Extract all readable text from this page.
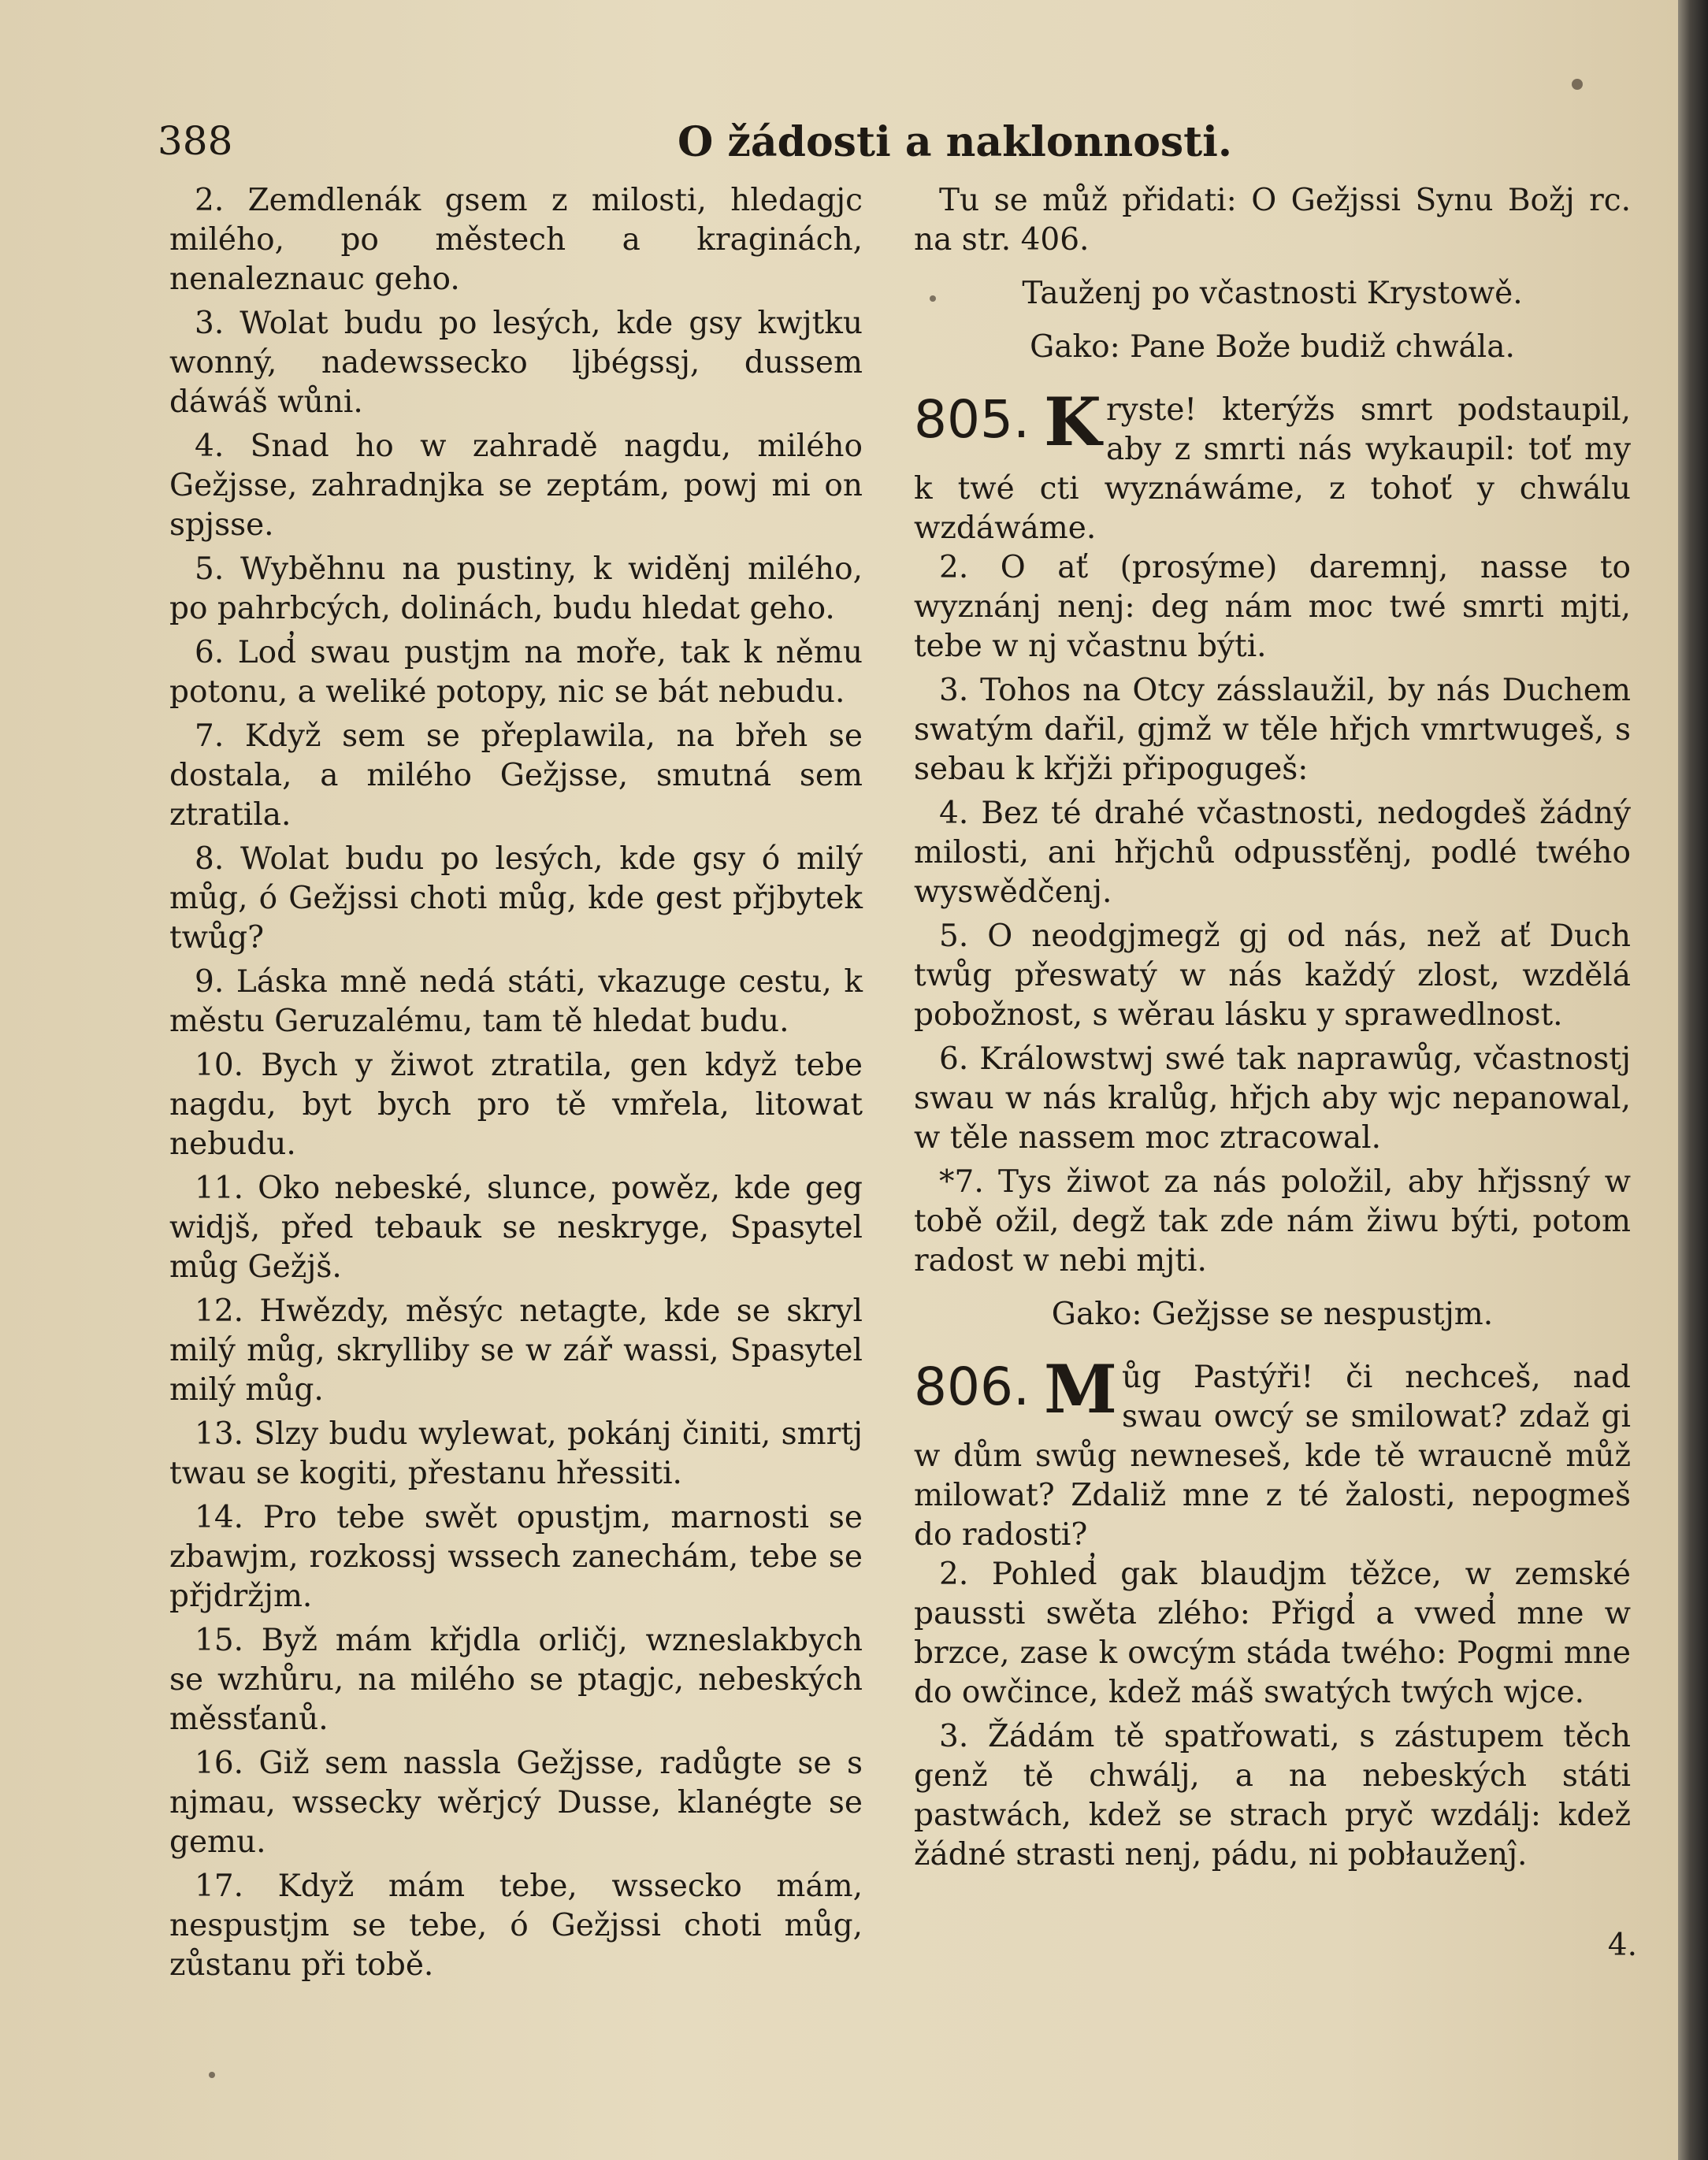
388	O žádosti a naklonnosti.

2. Zemdlenák gsem z milosti, hledagjc milého, po městech a kraginách, nenaleznauc geho.

3. Wolat budu po lesých, kde gsy kwjtku wonný, nadewssecko ljbégssj, dussem dáwáš wůni.

4. Snad ho w zahradě nagdu, milého Gežjsse, zahradnjka se zeptám, powj mi on spjsse.

5. Wyběhnu na pustiny, k widěnj milého, po pahrbcých, dolinách, budu hledat geho.

6. Lod̓ swau pustjm na moře, tak k němu potonu, a weliké potopy, nic se bát nebudu.

7. Když sem se přeplawila, na břeh se dostala, a milého Gežjsse, smutná sem ztratila.

8. Wolat budu po lesých, kde gsy ó milý můg, ó Gežjssi choti můg, kde gest přjbytek twůg?

9. Láska mně nedá státi, vkazuge cestu, k městu Geruzalému, tam tě hledat budu.

10. Bych y žiwot ztratila, gen když tebe nagdu, byt bych pro tě vmřela, litowat nebudu.

11. Oko nebeské, slunce, powěz, kde geg widjš, před tebauk se neskryge, Spasytel můg Gežjš.

12. Hwězdy, měsýc netagte, kde se skryl milý můg, skrylliby se w zář wassi, Spasytel milý můg.

13. Slzy budu wylewat, pokánj činiti, smrtj twau se kogiti, přestanu hřessiti.

14. Pro tebe swět opustjm, marnosti se zbawjm, rozkossj wssech zanechám, tebe se přjdržjm.

15. Byž mám křjdla orličj, wzneslakbych se wzhůru, na milého se ptagjc, nebeských měssťanů.

16. Giž sem nassla Gežjsse, radůgte se s njmau, wssecky wěrjcý Dusse, klanégte se gemu.

17. Když mám tebe, wssecko mám, nespustjm se tebe, ó Gežjssi choti můg, zůstanu při tobě.

Tu se můž přidati: O Gežjssi Synu Božj rc. na str. 406.

Tauženj po včastnosti Krystowě.

Gako: Pane Bože budiž chwála.

805. K ryste! kterýžs smrt podstaupil, aby z smrti nás wykaupil: toť my k twé cti wyznáwáme, z tohoť y chwálu wzdáwáme.

2. O ať (prosýme) daremnj, nasse to wyznánj nenj: deg nám moc twé smrti mjti, tebe w nj včastnu býti.

3. Tohos na Otcy zásslaužil, by nás Duchem swatým dařil, gjmž w těle hřjch vmrtwugeš, s sebau k křjži připogugeš:

4. Bez té drahé včastnosti, nedogdeš žádný milosti, ani hřjchů odpussťěnj, podlé twého wyswědčenj.

5. O neodgjmegž gj od nás, než ať Duch twůg přeswatý w nás každý zlost, wzdělá pobožnost, s wěrau lásku y sprawedlnost.

6. Králowstwj swé tak naprawůg, včastnostj swau w nás kralůg, hřjch aby wjc nepanowal, w těle nassem moc ztracowal.

*7. Tys žiwot za nás položil, aby hřjssný w tobě ožil, degž tak zde nám žiwu býti, potom radost w nebi mjti.

Gako: Gežjsse se nespustjm.

806. M ůg Pastýři! či nechceš, nad swau owcý se smilowat? zdaž gi w dům swůg newneseš, kde tě wraucně můž milowat? Zdaliž mne z té žalosti, nepogmeš do radosti?

2. Pohled̓ gak blaudjm těžce, w zemské paussti swěta zlého: Přigd̓ a vwed̓ mne w brzce, zase k owcým stáda twého: Pogmi mne do owčince, kdež máš swatých twých wjce.

3. Žádám tě spatřowati, s zástupem těch genž tě chwálj, a na nebeských státi pastwách, kdež se strach pryč wzdálj: kdež žádné strasti nenj, pádu, ni pobłauženĵ.

4.
